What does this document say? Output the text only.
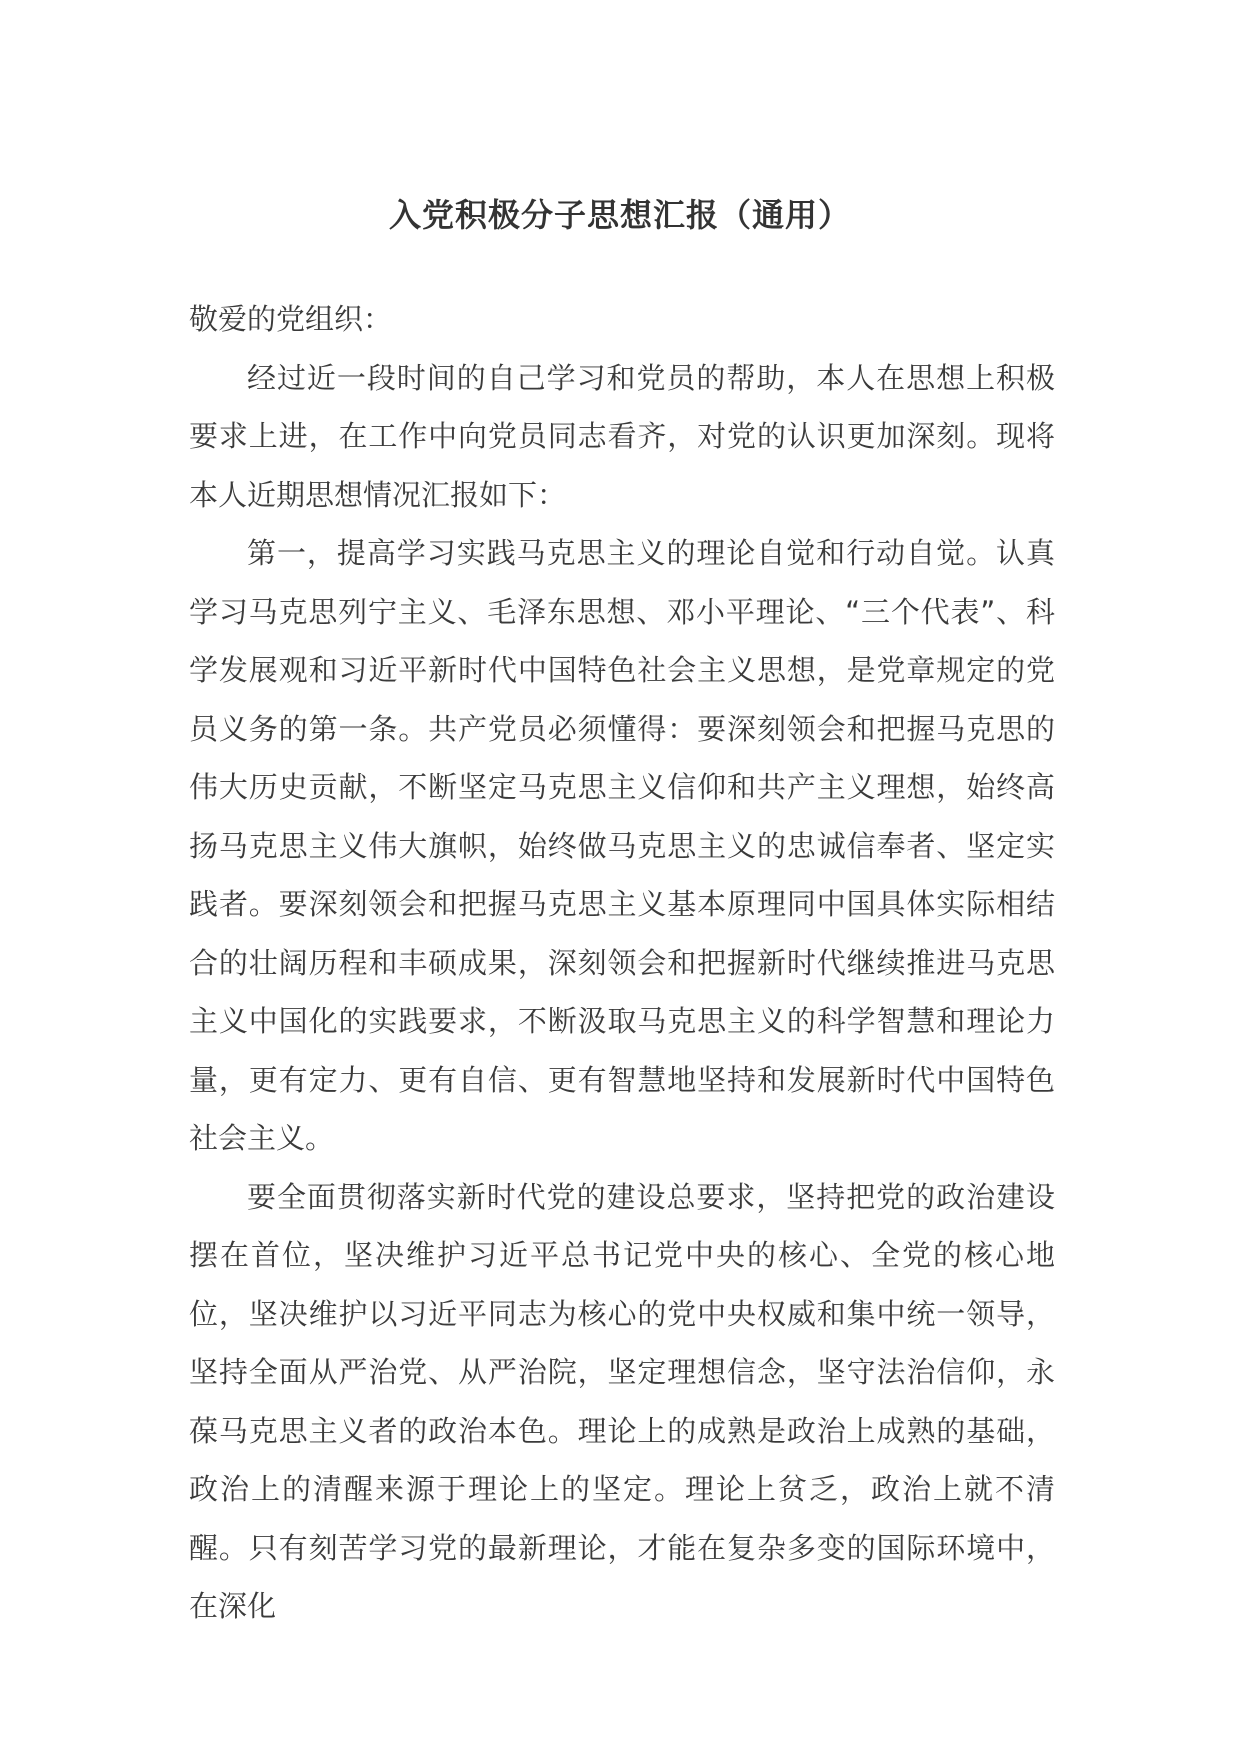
入党积极分子思想汇报（通用）

敬爱的党组织：

经过近一段时间的自己学习和党员的帮助，本人在思想上积极要求上进，在工作中向党员同志看齐，对党的认识更加深刻。现将本人近期思想情况汇报如下：

第一，提高学习实践马克思主义的理论自觉和行动自觉。认真学习马克思列宁主义、毛泽东思想、邓小平理论、“三个代表”、科学发展观和习近平新时代中国特色社会主义思想，是党章规定的党员义务的第一条。共产党员必须懂得：要深刻领会和把握马克思的伟大历史贡献，不断坚定马克思主义信仰和共产主义理想，始终高扬马克思主义伟大旗帜，始终做马克思主义的忠诚信奉者、坚定实践者。要深刻领会和把握马克思主义基本原理同中国具体实际相结合的壮阔历程和丰硕成果，深刻领会和把握新时代继续推进马克思主义中国化的实践要求，不断汲取马克思主义的科学智慧和理论力量，更有定力、更有自信、更有智慧地坚持和发展新时代中国特色社会主义。

要全面贯彻落实新时代党的建设总要求，坚持把党的政治建设摆在首位，坚决维护习近平总书记党中央的核心、全党的核心地位，坚决维护以习近平同志为核心的党中央权威和集中统一领导，坚持全面从严治党、从严治院，坚定理想信念，坚守法治信仰，永葆马克思主义者的政治本色。理论上的成熟是政治上成熟的基础，政治上的清醒来源于理论上的坚定。理论上贫乏，政治上就不清醒。只有刻苦学习党的最新理论，才能在复杂多变的国际环境中，在深化
